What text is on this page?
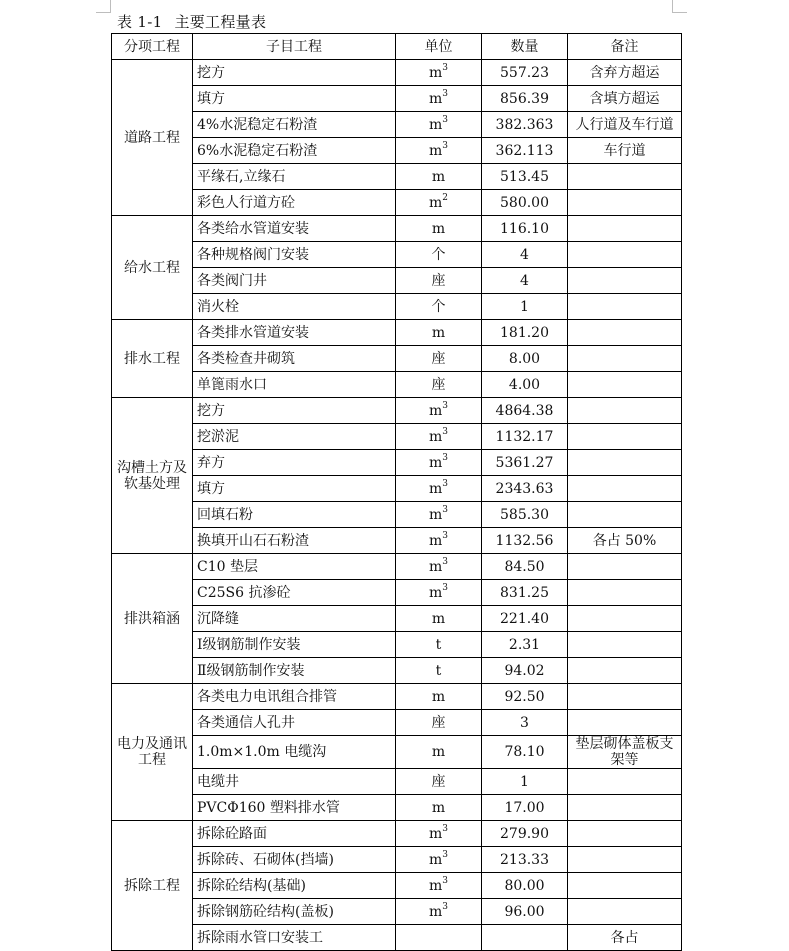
表 1-1 主要工程量表
分项工程	子目工程	单位	数量	备注
道路工程	挖方	$m^3$	557.23	含弃方超运
	填方	$m^3$	856.39	含填方超运
	4%水泥稳定石粉渣	$m^3$	382.363	人行道及车行道
	6%水泥稳定石粉渣	$m^3$	362.113	车行道
	平缘石,立缘石	m	513.45	
	彩色人行道方砼	$m^2$	580.00	
给水工程	各类给水管道安装	m	116.10	
	各种规格阀门安装	个	4	
	各类阀门井	座	4	
	消火栓	个	1	
排水工程	各类排水管道安装	m	181.20	
	各类检查井砌筑	座	8.00	
	单篦雨水口	座	4.00	
沟槽土方及软基处理	挖方	$m^3$	4864.38	
	挖淤泥	$m^3$	1132.17	
	弃方	$m^3$	5361.27	
	填方	$m^3$	2343.63	
	回填石粉	$m^3$	585.30	
	换填开山石石粉渣	$m^3$	1132.56	各占 50%
排洪箱涵	C10 垫层	$m^3$	84.50	
	C25S6 抗渗砼	$m^3$	831.25	
	沉降缝	m	221.40	
	Ⅰ级钢筋制作安装	t	2.31	
	Ⅱ级钢筋制作安装	t	94.02	
电力及通讯工程	各类电力电讯组合排管	m	92.50	
	各类通信人孔井	座	3	
	1.0m×1.0m 电缆沟	m	78.10	垫层砌体盖板支架等
	电缆井	座	1	
	PVCΦ160 塑料排水管	m	17.00	
拆除工程	拆除砼路面	$m^3$	279.90	
	拆除砖、石砌体(挡墙)	$m^3$	213.33	
	拆除砼结构(基础)	$m^3$	80.00	
	拆除钢筋砼结构(盖板)	$m^3$	96.00	
	拆除雨水管口安装工			各占
